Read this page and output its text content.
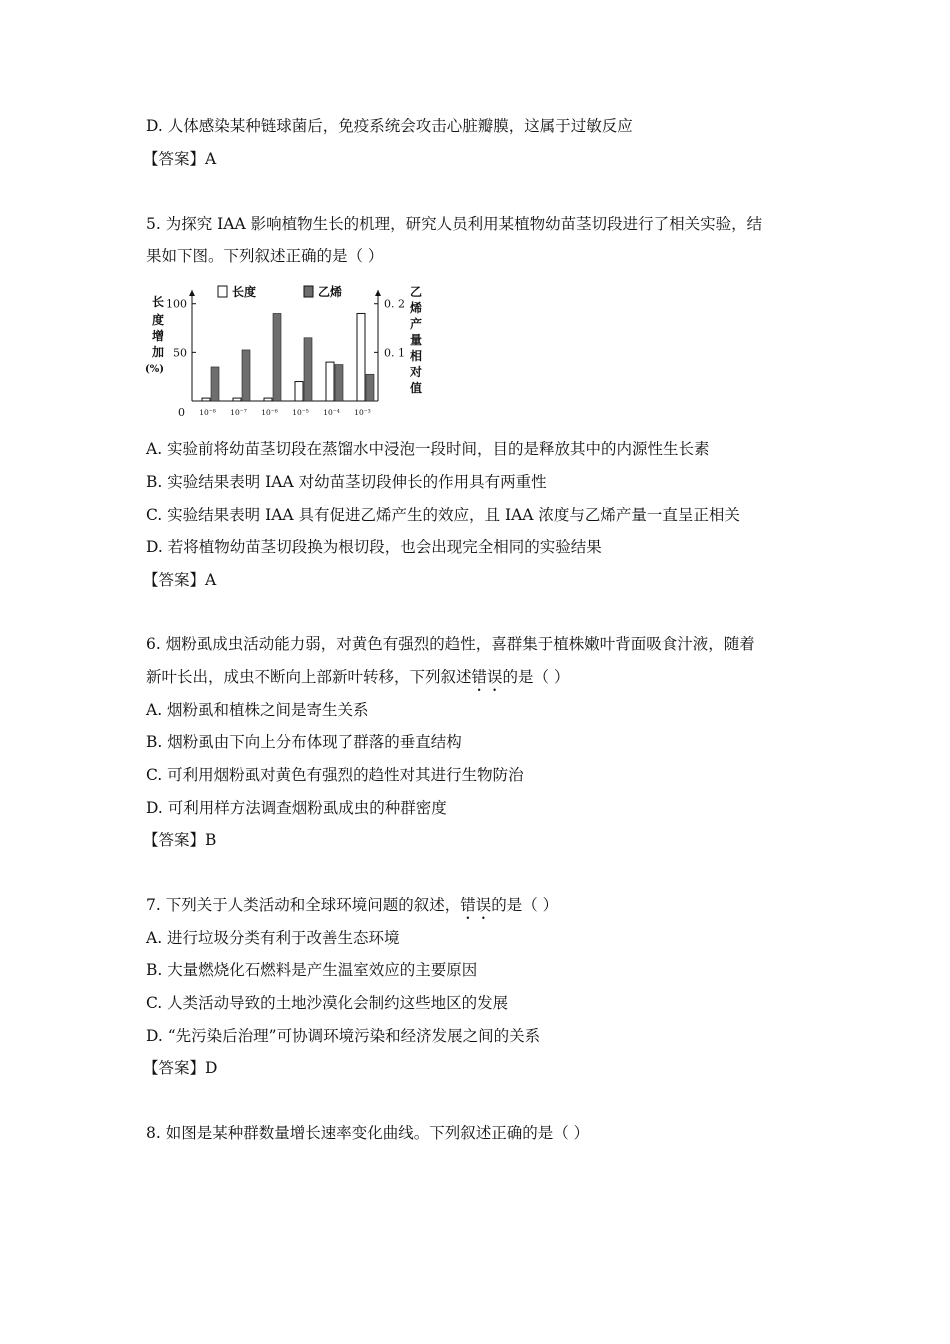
D. 人体感染某种链球菌后，免疫系统会攻击心脏瓣膜，这属于过敏反应
【答案】A
5. 为探究 IAA 影响植物生长的机理，研究人员利用某植物幼苗茎切段进行了相关实验，结
果如下图。下列叙述正确的是（ ）
0
50
100
0. 1
0. 2
长
度
增
加
(%)
乙
烯
产
量
相
对
值
长度	乙烯
10⁻⁸ 10⁻⁷ 10⁻⁶ 10⁻⁵ 10⁻⁴ 10⁻³
A. 实验前将幼苗茎切段在蒸馏水中浸泡一段时间，目的是释放其中的内源性生长素
B. 实验结果表明 IAA 对幼苗茎切段伸长的作用具有两重性
C. 实验结果表明 IAA 具有促进乙烯产生的效应，且 IAA 浓度与乙烯产量一直呈正相关
D. 若将植物幼苗茎切段换为根切段，也会出现完全相同的实验结果
【答案】A
6. 烟粉虱成虫活动能力弱，对黄色有强烈的趋性，喜群集于植株嫩叶背面吸食汁液，随着
新叶长出，成虫不断向上部新叶转移，下列叙述错误的是（ ）
A. 烟粉虱和植株之间是寄生关系
B. 烟粉虱由下向上分布体现了群落的垂直结构
C. 可利用烟粉虱对黄色有强烈的趋性对其进行生物防治
D. 可利用样方法调查烟粉虱成虫的种群密度
【答案】B
7. 下列关于人类活动和全球环境问题的叙述，错误的是（ ）
A. 进行垃圾分类有利于改善生态环境
B. 大量燃烧化石燃料是产生温室效应的主要原因
C. 人类活动导致的土地沙漠化会制约这些地区的发展
D. “先污染后治理”可协调环境污染和经济发展之间的关系
【答案】D
8. 如图是某种群数量增长速率变化曲线。下列叙述正确的是（ ）
